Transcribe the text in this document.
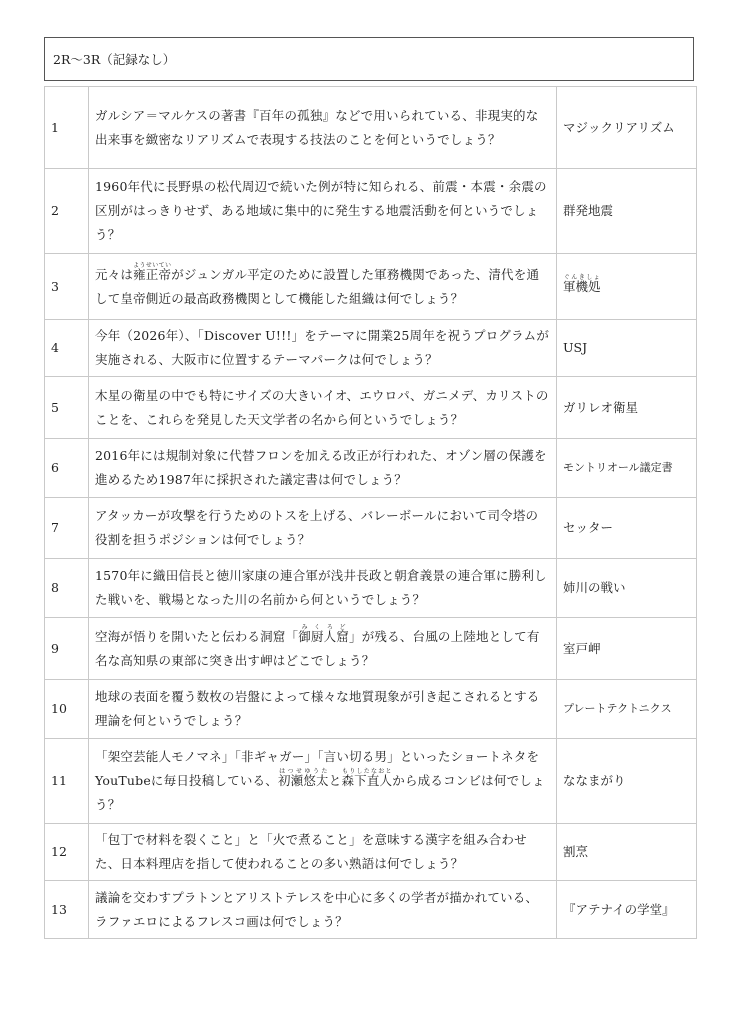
2R～3R（記録なし）
1	ガルシア＝マルケスの著書『百年の孤独』などで用いられている、非現実的な出来事を緻密なリアリズムで表現する技法のことを何というでしょう？	マジックリアリズム
2	1960年代に長野県の松代周辺で続いた例が特に知られる、前震・本震・余震の区別がはっきりせず、ある地域に集中的に発生する地震活動を何というでしょう？	群発地震
3	元々は雍正帝ようせいていがジュンガル平定のために設置した軍務機関であった、清代を通して皇帝側近の最高政務機関として機能した組織は何でしょう？	軍機処ぐんきしょ
4	今年（2026年）、「Discover U!!!」をテーマに開業25周年を祝うプログラムが実施される、大阪市に位置するテーマパークは何でしょう？	USJ
5	木星の衛星の中でも特にサイズの大きいイオ、エウロパ、ガニメデ、カリストのことを、これらを発見した天文学者の名から何というでしょう？	ガリレオ衛星
6	2016年には規制対象に代替フロンを加える改正が行われた、オゾン層の保護を進めるため1987年に採択された議定書は何でしょう？	モントリオール議定書
7	アタッカーが攻撃を行うためのトスを上げる、バレーボールにおいて司令塔の役割を担うポジションは何でしょう？	セッター
8	1570年に織田信長と徳川家康の連合軍が浅井長政と朝倉義景の連合軍に勝利した戦いを、戦場となった川の名前から何というでしょう？	姉川の戦い
9	空海が悟りを開いたと伝わる洞窟「御厨人窟みくろど」が残る、台風の上陸地として有名な高知県の東部に突き出す岬はどこでしょう？	室戸岬
10	地球の表面を覆う数枚の岩盤によって様々な地質現象が引き起こされるとする理論を何というでしょう？	プレートテクトニクス
11	「架空芸能人モノマネ」「非ギャガー」「言い切る男」といったショートネタをYouTubeに毎日投稿している、初瀬悠太はつせゆうたと森下直人もりしたなおとから成るコンビは何でしょう？	ななまがり
12	「包丁で材料を裂くこと」と「火で煮ること」を意味する漢字を組み合わせた、日本料理店を指して使われることの多い熟語は何でしょう？	割烹
13	議論を交わすプラトンとアリストテレスを中心に多くの学者が描かれている、ラファエロによるフレスコ画は何でしょう？	『アテナイの学堂』
